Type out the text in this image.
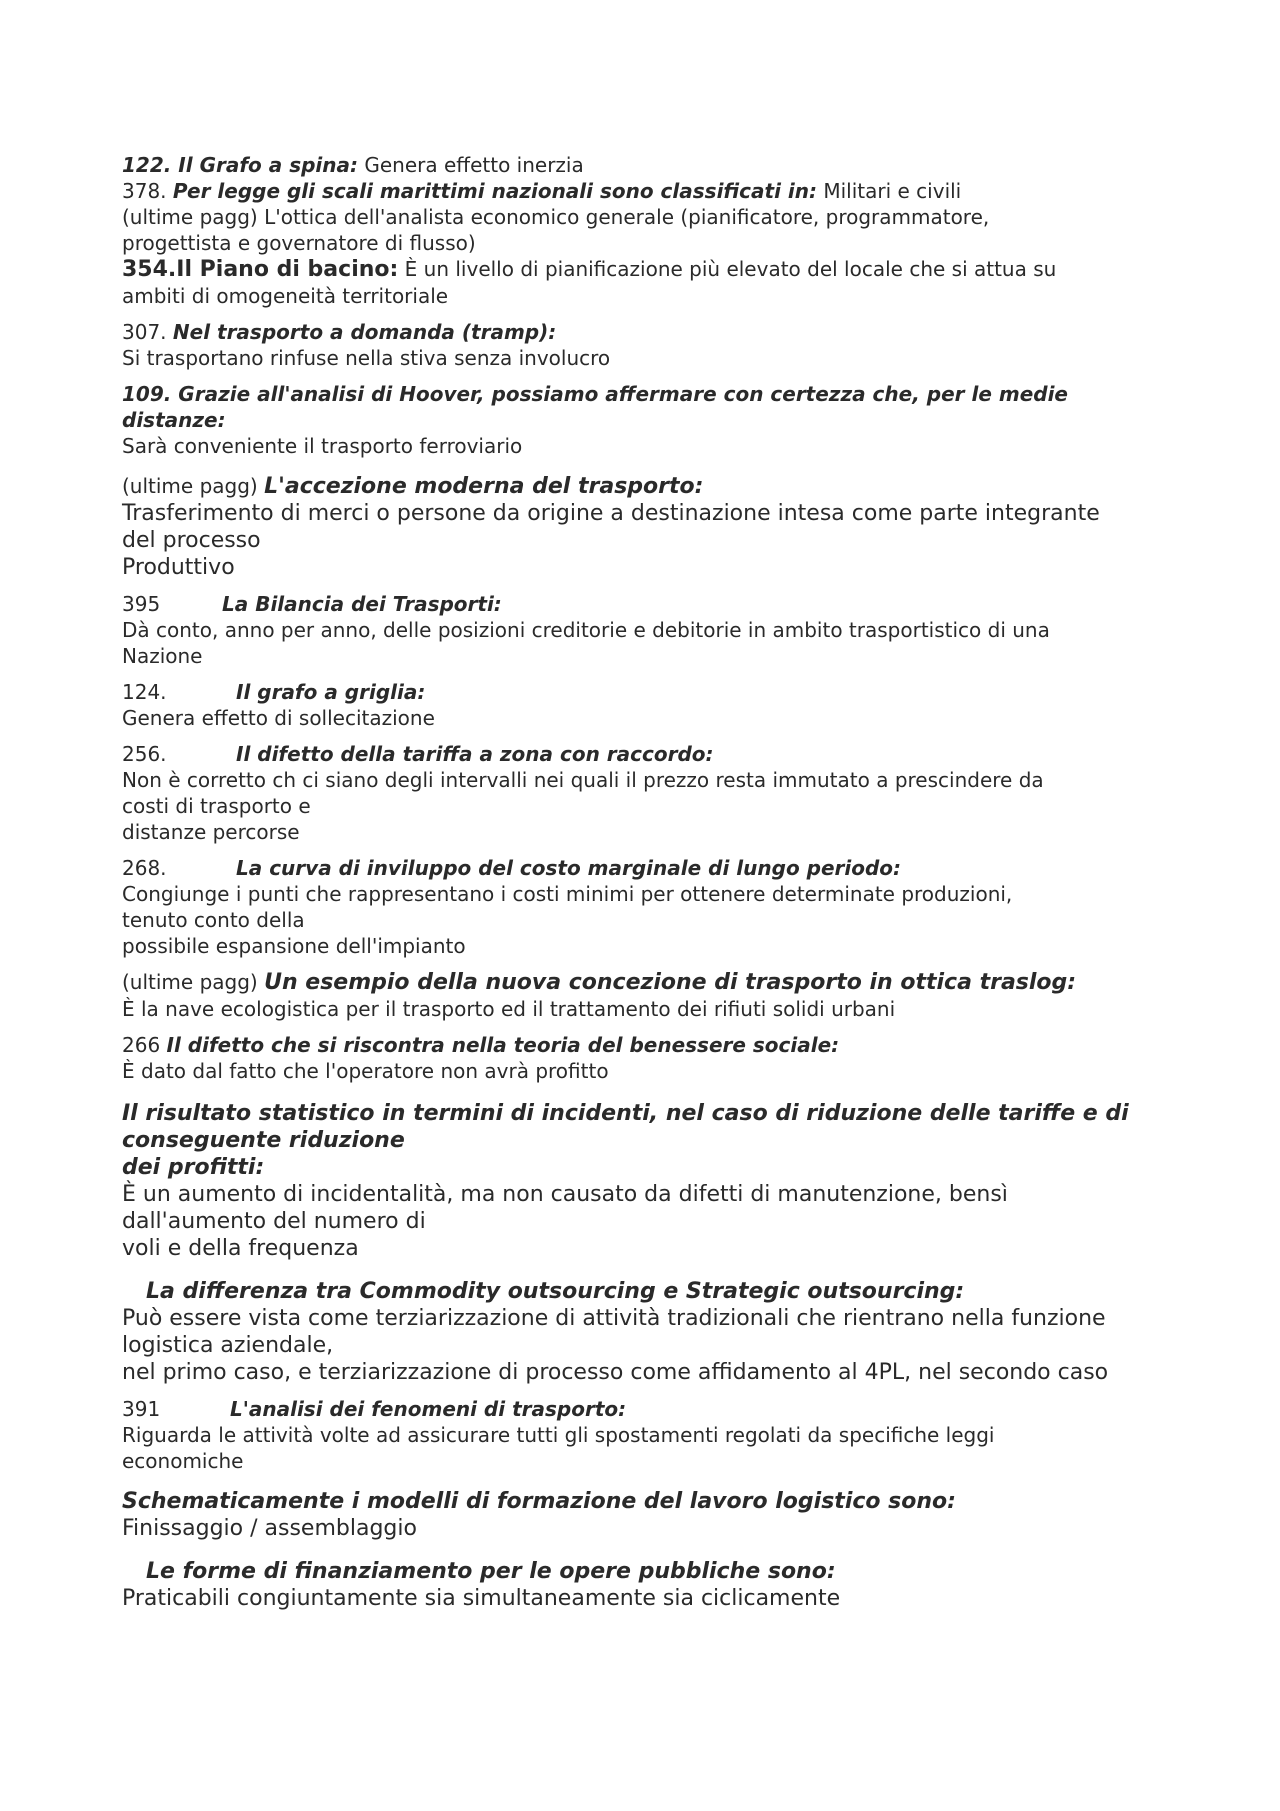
122. Il Grafo a spina: Genera effetto inerzia
378. Per legge gli scali marittimi nazionali sono classificati in: Militari e civili
(ultime pagg) L'ottica dell'analista economico generale (pianificatore, programmatore,
progettista e governatore di flusso)
354.Il Piano di bacino: È un livello di pianificazione più elevato del locale che si attua su
ambiti di omogeneità territoriale
307. Nel trasporto a domanda (tramp):
Si trasportano rinfuse nella stiva senza involucro
109. Grazie all'analisi di Hoover, possiamo affermare con certezza che, per le medie
distanze:
Sarà conveniente il trasporto ferroviario
(ultime pagg) L'accezione moderna del trasporto:
Trasferimento di merci o persone da origine a destinazione intesa come parte integrante
del processo
Produttivo
395	La Bilancia dei Trasporti:
Dà conto, anno per anno, delle posizioni creditorie e debitorie in ambito trasportistico di una
Nazione
124.	Il grafo a griglia:
Genera effetto di sollecitazione
256.	Il difetto della tariffa a zona con raccordo:
Non è corretto ch ci siano degli intervalli nei quali il prezzo resta immutato a prescindere da
costi di trasporto e
distanze percorse
268.	La curva di inviluppo del costo marginale di lungo periodo:
Congiunge i punti che rappresentano i costi minimi per ottenere determinate produzioni,
tenuto conto della
possibile espansione dell'impianto
(ultime pagg) Un esempio della nuova concezione di trasporto in ottica traslog:
È la nave ecologistica per il trasporto ed il trattamento dei rifiuti solidi urbani
266 Il difetto che si riscontra nella teoria del benessere sociale:
È dato dal fatto che l'operatore non avrà profitto
Il risultato statistico in termini di incidenti, nel caso di riduzione delle tariffe e di
conseguente riduzione
dei profitti:
È un aumento di incidentalità, ma non causato da difetti di manutenzione, bensì
dall'aumento del numero di
voli e della frequenza
La differenza tra Commodity outsourcing e Strategic outsourcing:
Può essere vista come terziarizzazione di attività tradizionali che rientrano nella funzione
logistica aziendale,
nel primo caso, e terziarizzazione di processo come affidamento al 4PL, nel secondo caso
391	L'analisi dei fenomeni di trasporto:
Riguarda le attività volte ad assicurare tutti gli spostamenti regolati da specifiche leggi
economiche
Schematicamente i modelli di formazione del lavoro logistico sono:
Finissaggio / assemblaggio
Le forme di finanziamento per le opere pubbliche sono:
Praticabili congiuntamente sia simultaneamente sia ciclicamente
